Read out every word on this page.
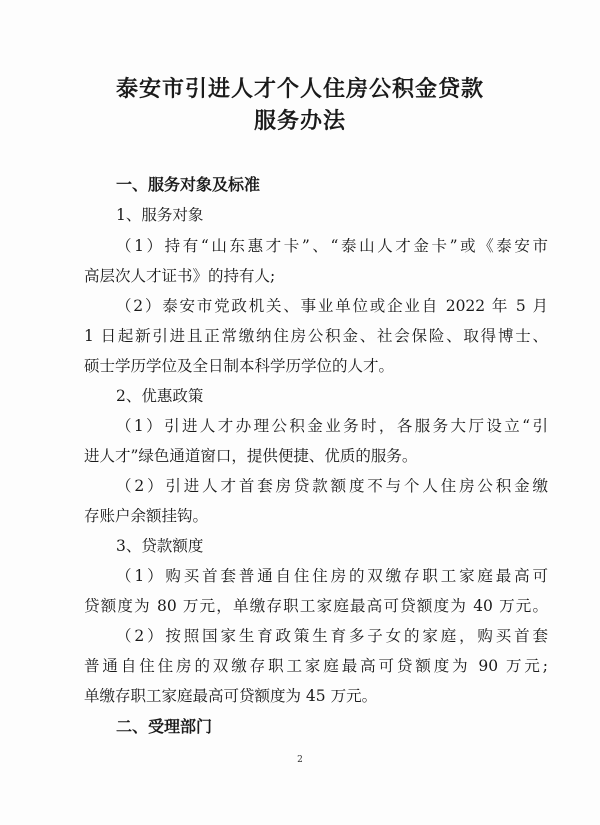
泰安市引进人才个人住房公积金贷款
服务办法

一、服务对象及标准

1、服务对象

（1）持有“山东惠才卡”、“泰山人才金卡”或《泰安市

高层次人才证书》的持有人;

（2）泰安市党政机关、事业单位或企业自 2022 年 5 月

1 日起新引进且正常缴纳住房公积金、社会保险、取得博士、

硕士学历学位及全日制本科学历学位的人才。

2、优惠政策

（1）引进人才办理公积金业务时，各服务大厅设立“引

进人才”绿色通道窗口，提供便捷、优质的服务。

（2）引进人才首套房贷款额度不与个人住房公积金缴

存账户余额挂钩。

3、贷款额度

（1）购买首套普通自住住房的双缴存职工家庭最高可

贷额度为 80 万元，单缴存职工家庭最高可贷额度为 40 万元。

（2）按照国家生育政策生育多子女的家庭，购买首套

普通自住住房的双缴存职工家庭最高可贷额度为 90 万元;

单缴存职工家庭最高可贷额度为 45 万元。

二、受理部门

2
